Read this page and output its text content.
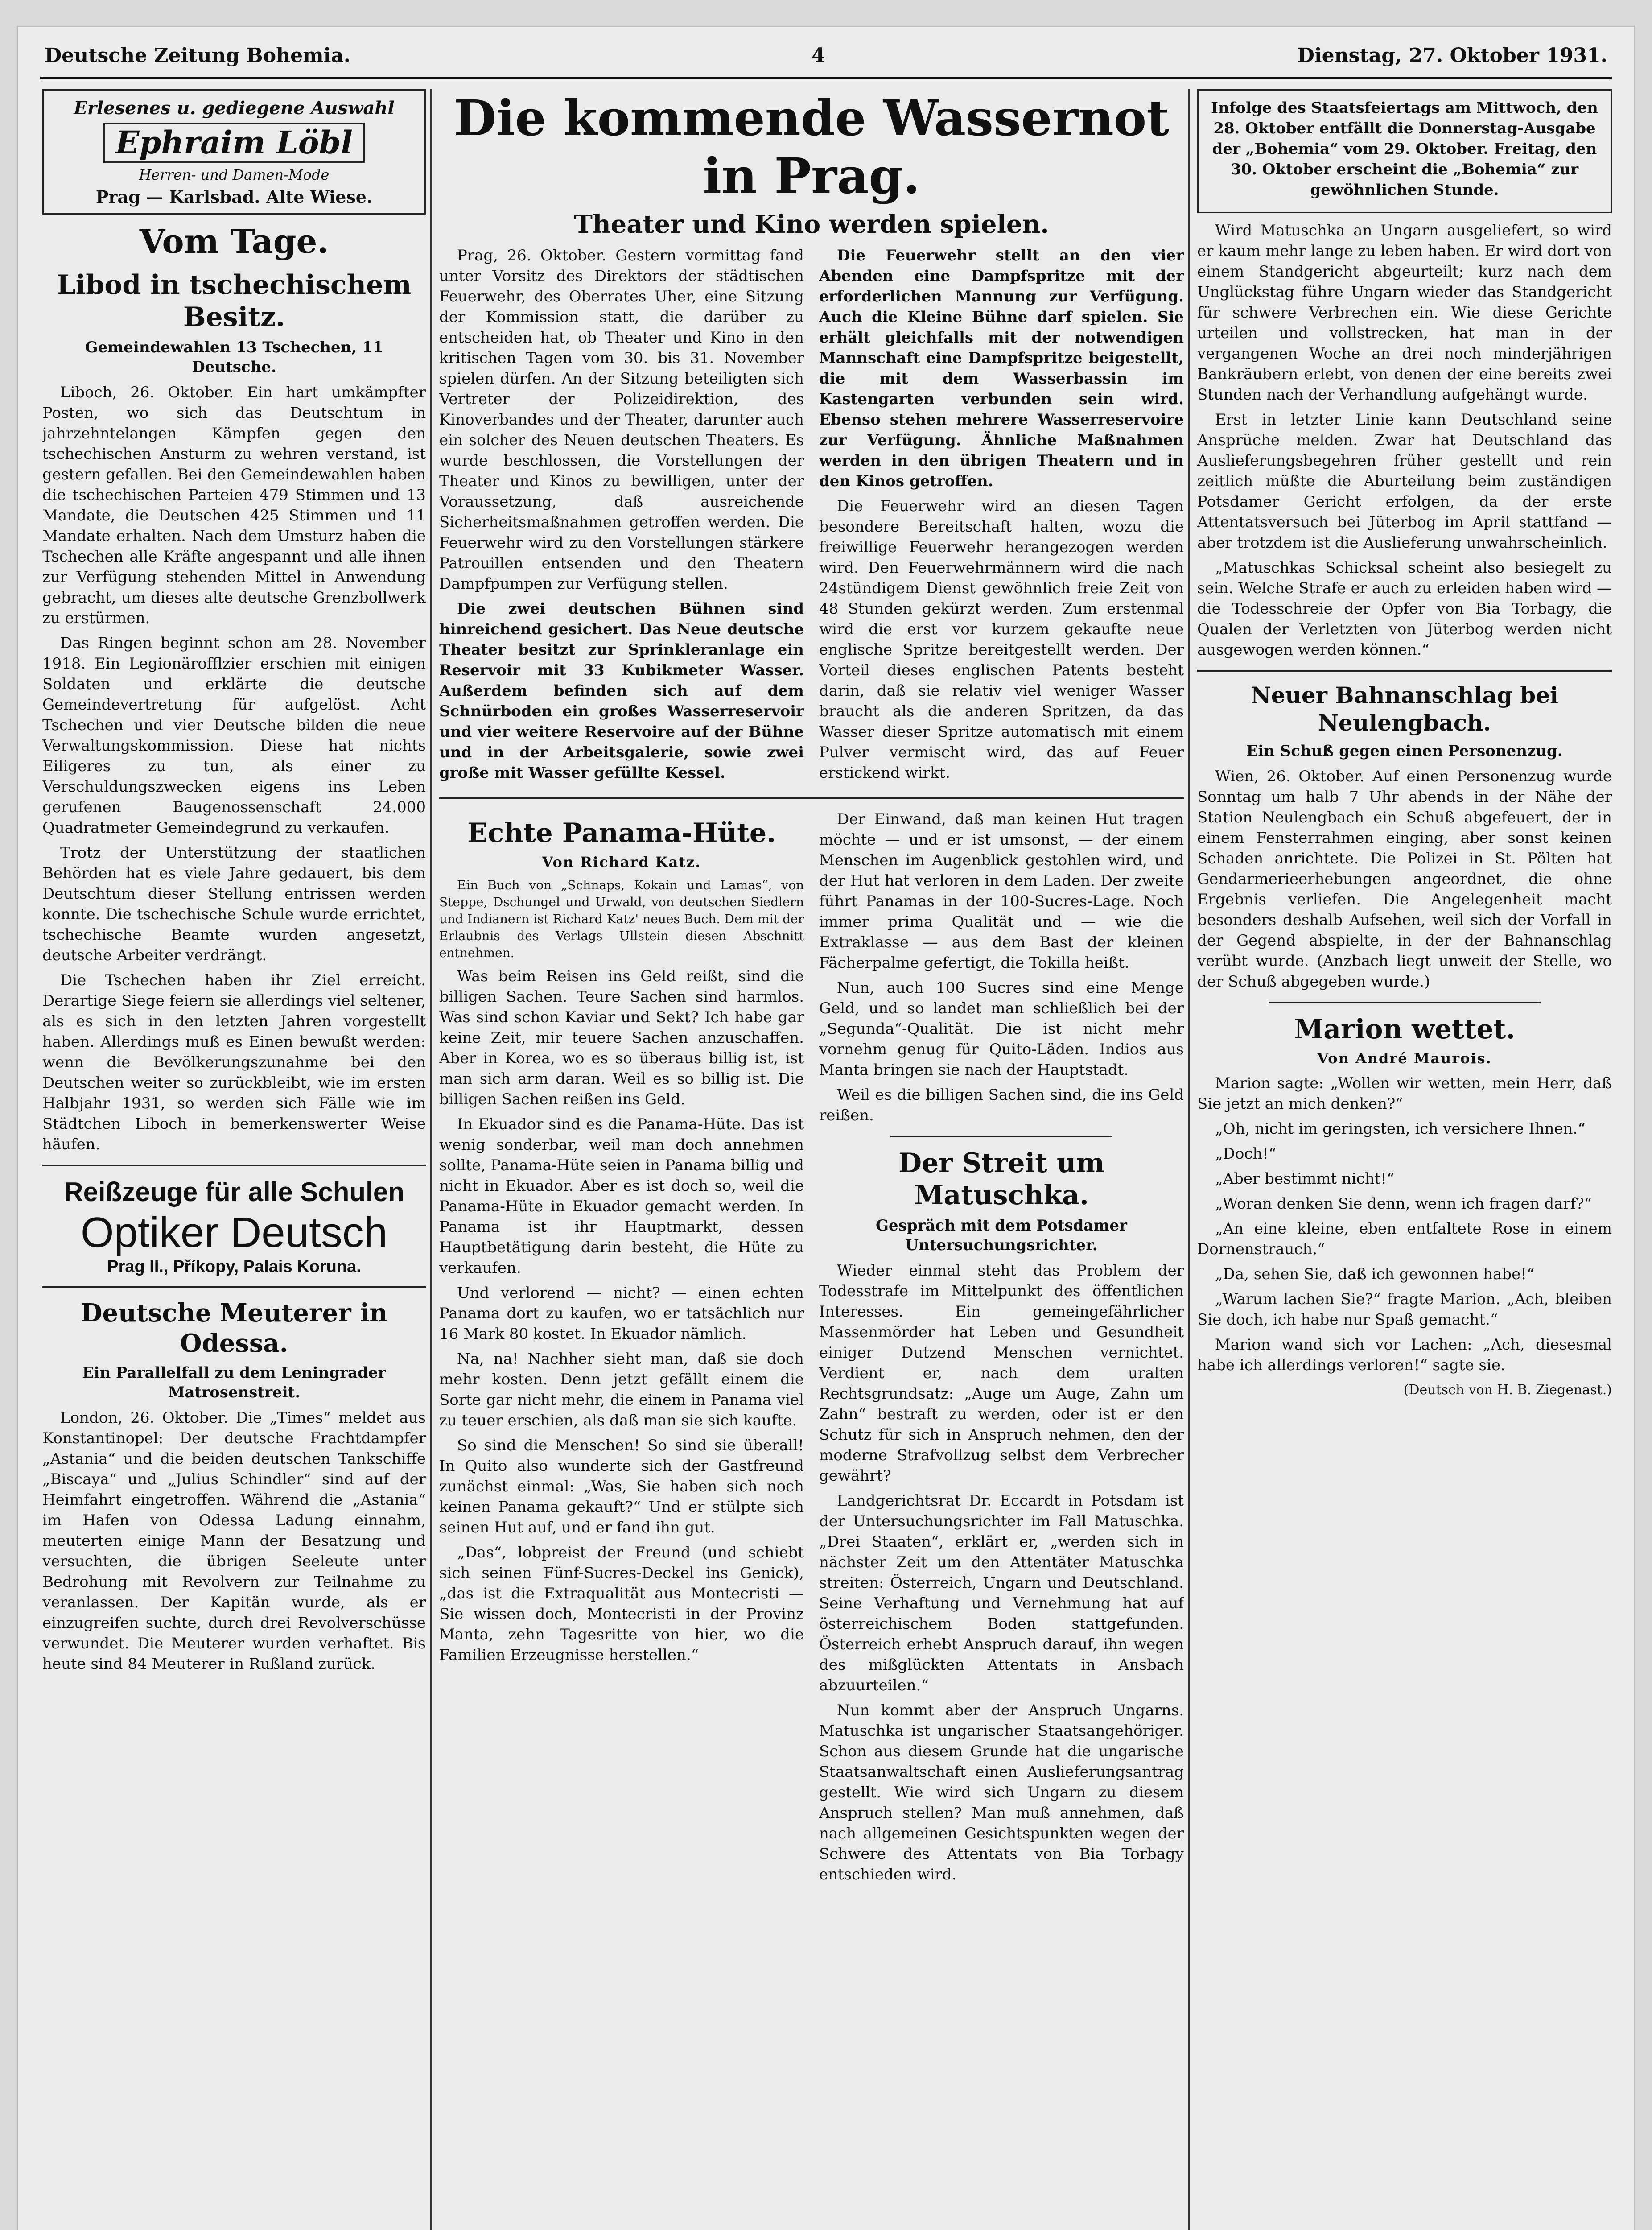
Deutsche Zeitung Bohemia.	4	Dienstag, 27. Oktober 1931.
Erlesenes u. gediegene Auswahl
Ephraim Löbl
Herren- und Damen-Mode
Prag — Karlsbad. Alte Wiese.
Vom Tage.
Libod in tschechischem Besitz.
Gemeindewahlen 13 Tschechen, 11 Deutsche.

Liboch, 26. Oktober. Ein hart umkämpfter Posten, wo sich das Deutschtum in jahrzehntelangen Kämpfen gegen den tschechischen Ansturm zu wehren verstand, ist gestern gefallen. Bei den Gemeindewahlen haben die tschechischen Parteien 479 Stimmen und 13 Mandate, die Deutschen 425 Stimmen und 11 Mandate erhalten. Nach dem Umsturz haben die Tschechen alle Kräfte angespannt und alle ihnen zur Verfügung stehenden Mittel in Anwendung gebracht, um dieses alte deutsche Grenzbollwerk zu erstürmen.

Das Ringen beginnt schon am 28. November 1918. Ein Legionärofflzier erschien mit einigen Soldaten und erklärte die deutsche Gemeindevertretung für aufgelöst. Acht Tschechen und vier Deutsche bilden die neue Verwaltungskommission. Diese hat nichts Eiligeres zu tun, als einer zu Verschuldungszwecken eigens ins Leben gerufenen Baugenossenschaft 24.000 Quadratmeter Gemeindegrund zu verkaufen.

Trotz der Unterstützung der staatlichen Behörden hat es viele Jahre gedauert, bis dem Deutschtum dieser Stellung entrissen werden konnte. Die tschechische Schule wurde errichtet, tschechische Beamte wurden angesetzt, deutsche Arbeiter verdrängt.

Die Tschechen haben ihr Ziel erreicht. Derartige Siege feiern sie allerdings viel seltener, als es sich in den letzten Jahren vorgestellt haben. Allerdings muß es Einen bewußt werden: wenn die Bevölkerungszunahme bei den Deutschen weiter so zurückbleibt, wie im ersten Halbjahr 1931, so werden sich Fälle wie im Städtchen Liboch in bemerkenswerter Weise häufen.

Reißzeuge für alle Schulen
Optiker Deutsch
Prag II., Příkopy, Palais Koruna.
Deutsche Meuterer in Odessa.
Ein Parallelfall zu dem Leningrader Matrosenstreit.

London, 26. Oktober. Die „Times“ meldet aus Konstantinopel: Der deutsche Frachtdampfer „Astania“ und die beiden deutschen Tankschiffe „Biscaya“ und „Julius Schindler“ sind auf der Heimfahrt eingetroffen. Während die „Astania“ im Hafen von Odessa Ladung einnahm, meuterten einige Mann der Besatzung und versuchten, die übrigen Seeleute unter Bedrohung mit Revolvern zur Teilnahme zu veranlassen. Der Kapitän wurde, als er einzugreifen suchte, durch drei Revolverschüsse verwundet. Die Meuterer wurden verhaftet. Bis heute sind 84 Meuterer in Rußland zurück.

Die kommende Wassernot in Prag.
Theater und Kino werden spielen.

Prag, 26. Oktober. Gestern vormittag fand unter Vorsitz des Direktors der städtischen Feuerwehr, des Oberrates Uher, eine Sitzung der Kommission statt, die darüber zu entscheiden hat, ob Theater und Kino in den kritischen Tagen vom 30. bis 31. November spielen dürfen. An der Sitzung beteiligten sich Vertreter der Polizeidirektion, des Kinoverbandes und der Theater, darunter auch ein solcher des Neuen deutschen Theaters. Es wurde beschlossen, die Vorstellungen der Theater und Kinos zu bewilligen, unter der Voraussetzung, daß ausreichende Sicherheitsmaßnahmen getroffen werden. Die Feuerwehr wird zu den Vorstellungen stärkere Patrouillen entsenden und den Theatern Dampfpumpen zur Verfügung stellen.

Die zwei deutschen Bühnen sind hinreichend gesichert. Das Neue deutsche Theater besitzt zur Sprinkleranlage ein Reservoir mit 33 Kubikmeter Wasser. Außerdem befinden sich auf dem Schnürboden ein großes Wasserreservoir und vier weitere Reservoire auf der Bühne und in der Arbeitsgalerie, sowie zwei große mit Wasser gefüllte Kessel.

Die Feuerwehr stellt an den vier Abenden eine Dampfspritze mit der erforderlichen Mannung zur Verfügung. Auch die Kleine Bühne darf spielen. Sie erhält gleichfalls mit der notwendigen Mannschaft eine Dampfspritze beigestellt, die mit dem Wasserbassin im Kastengarten verbunden sein wird. Ebenso stehen mehrere Wasserreservoire zur Verfügung. Ähnliche Maßnahmen werden in den übrigen Theatern und in den Kinos getroffen.

Die Feuerwehr wird an diesen Tagen besondere Bereitschaft halten, wozu die freiwillige Feuerwehr herangezogen werden wird. Den Feuerwehrmännern wird die nach 24stündigem Dienst gewöhnlich freie Zeit von 48 Stunden gekürzt werden. Zum erstenmal wird die erst vor kurzem gekaufte neue englische Spritze bereitgestellt werden. Der Vorteil dieses englischen Patents besteht darin, daß sie relativ viel weniger Wasser braucht als die anderen Spritzen, da das Wasser dieser Spritze automatisch mit einem Pulver vermischt wird, das auf Feuer erstickend wirkt.

Echte Panama-Hüte.
Von Richard Katz.

Ein Buch von „Schnaps, Kokain und Lamas“, von Steppe, Dschungel und Urwald, von deutschen Siedlern und Indianern ist Richard Katz' neues Buch. Dem mit der Erlaubnis des Verlags Ullstein diesen Abschnitt entnehmen.

Was beim Reisen ins Geld reißt, sind die billigen Sachen. Teure Sachen sind harmlos. Was sind schon Kaviar und Sekt? Ich habe gar keine Zeit, mir teuere Sachen anzuschaffen. Aber in Korea, wo es so überaus billig ist, ist man sich arm daran. Weil es so billig ist. Die billigen Sachen reißen ins Geld.

In Ekuador sind es die Panama-Hüte. Das ist wenig sonderbar, weil man doch annehmen sollte, Panama-Hüte seien in Panama billig und nicht in Ekuador. Aber es ist doch so, weil die Panama-Hüte in Ekuador gemacht werden. In Panama ist ihr Hauptmarkt, dessen Hauptbetätigung darin besteht, die Hüte zu verkaufen.

Und verlorend — nicht? — einen echten Panama dort zu kaufen, wo er tatsächlich nur 16 Mark 80 kostet. In Ekuador nämlich.

Na, na! Nachher sieht man, daß sie doch mehr kosten. Denn jetzt gefällt einem die Sorte gar nicht mehr, die einem in Panama viel zu teuer erschien, als daß man sie sich kaufte.

So sind die Menschen! So sind sie überall! In Quito also wunderte sich der Gastfreund zunächst einmal: „Was, Sie haben sich noch keinen Panama gekauft?“ Und er stülpte sich seinen Hut auf, und er fand ihn gut.

„Das“, lobpreist der Freund (und schiebt sich seinen Fünf-Sucres-Deckel ins Genick), „das ist die Extraqualität aus Montecristi — Sie wissen doch, Montecristi in der Provinz Manta, zehn Tagesritte von hier, wo die Familien Erzeugnisse herstellen.“

Der Einwand, daß man keinen Hut tragen möchte — und er ist umsonst, — der einem Menschen im Augenblick gestohlen wird, und der Hut hat verloren in dem Laden. Der zweite führt Panamas in der 100-Sucres-Lage. Noch immer prima Qualität und — wie die Extraklasse — aus dem Bast der kleinen Fächerpalme gefertigt, die Tokilla heißt.

Nun, auch 100 Sucres sind eine Menge Geld, und so landet man schließlich bei der „Segunda“-Qualität. Die ist nicht mehr vornehm genug für Quito-Läden. Indios aus Manta bringen sie nach der Hauptstadt.

Weil es die billigen Sachen sind, die ins Geld reißen.

Der Streit um Matuschka.
Gespräch mit dem Potsdamer Untersuchungsrichter.

Wieder einmal steht das Problem der Todesstrafe im Mittelpunkt des öffentlichen Interesses. Ein gemeingefährlicher Massenmörder hat Leben und Gesundheit einiger Dutzend Menschen vernichtet. Verdient er, nach dem uralten Rechtsgrundsatz: „Auge um Auge, Zahn um Zahn“ bestraft zu werden, oder ist er den Schutz für sich in Anspruch nehmen, den der moderne Strafvollzug selbst dem Verbrecher gewährt?

Landgerichtsrat Dr. Eccardt in Potsdam ist der Untersuchungsrichter im Fall Matuschka. „Drei Staaten“, erklärt er, „werden sich in nächster Zeit um den Attentäter Matuschka streiten: Österreich, Ungarn und Deutschland. Seine Verhaftung und Vernehmung hat auf österreichischem Boden stattgefunden. Österreich erhebt Anspruch darauf, ihn wegen des mißglückten Attentats in Ansbach abzuurteilen.“

Nun kommt aber der Anspruch Ungarns. Matuschka ist ungarischer Staatsangehöriger. Schon aus diesem Grunde hat die ungarische Staatsanwaltschaft einen Auslieferungsantrag gestellt. Wie wird sich Ungarn zu diesem Anspruch stellen? Man muß annehmen, daß nach allgemeinen Gesichtspunkten wegen der Schwere des Attentats von Bia Torbagy entschieden wird.

Infolge des Staatsfeiertags am Mittwoch, den 28. Oktober entfällt die Donnerstag-Ausgabe der „Bohemia“ vom 29. Oktober. Freitag, den 30. Oktober erscheint die „Bohemia“ zur gewöhnlichen Stunde.

Wird Matuschka an Ungarn ausgeliefert, so wird er kaum mehr lange zu leben haben. Er wird dort von einem Standgericht abgeurteilt; kurz nach dem Unglückstag führe Ungarn wieder das Standgericht für schwere Verbrechen ein. Wie diese Gerichte urteilen und vollstrecken, hat man in der vergangenen Woche an drei noch minderjährigen Bankräubern erlebt, von denen der eine bereits zwei Stunden nach der Verhandlung aufgehängt wurde.

Erst in letzter Linie kann Deutschland seine Ansprüche melden. Zwar hat Deutschland das Auslieferungsbegehren früher gestellt und rein zeitlich müßte die Aburteilung beim zuständigen Potsdamer Gericht erfolgen, da der erste Attentatsversuch bei Jüterbog im April stattfand — aber trotzdem ist die Auslieferung unwahrscheinlich.

„Matuschkas Schicksal scheint also besiegelt zu sein. Welche Strafe er auch zu erleiden haben wird — die Todesschreie der Opfer von Bia Torbagy, die Qualen der Verletzten von Jüterbog werden nicht ausgewogen werden können.“

Neuer Bahnanschlag bei Neulengbach.
Ein Schuß gegen einen Personenzug.

Wien, 26. Oktober. Auf einen Personenzug wurde Sonntag um halb 7 Uhr abends in der Nähe der Station Neulengbach ein Schuß abgefeuert, der in einem Fensterrahmen einging, aber sonst keinen Schaden anrichtete. Die Polizei in St. Pölten hat Gendarmerieerhebungen angeordnet, die ohne Ergebnis verliefen. Die Angelegenheit macht besonders deshalb Aufsehen, weil sich der Vorfall in der Gegend abspielte, in der der Bahnanschlag verübt wurde. (Anzbach liegt unweit der Stelle, wo der Schuß abgegeben wurde.)

Marion wettet.
Von André Maurois.

Marion sagte: „Wollen wir wetten, mein Herr, daß Sie jetzt an mich denken?“

„Oh, nicht im geringsten, ich versichere Ihnen.“

„Doch!“

„Aber bestimmt nicht!“

„Woran denken Sie denn, wenn ich fragen darf?“

„An eine kleine, eben entfaltete Rose in einem Dornenstrauch.“

„Da, sehen Sie, daß ich gewonnen habe!“

„Warum lachen Sie?“ fragte Marion. „Ach, bleiben Sie doch, ich habe nur Spaß gemacht.“

Marion wand sich vor Lachen: „Ach, diesesmal habe ich allerdings verloren!“ sagte sie.

(Deutsch von H. B. Ziegenast.)
